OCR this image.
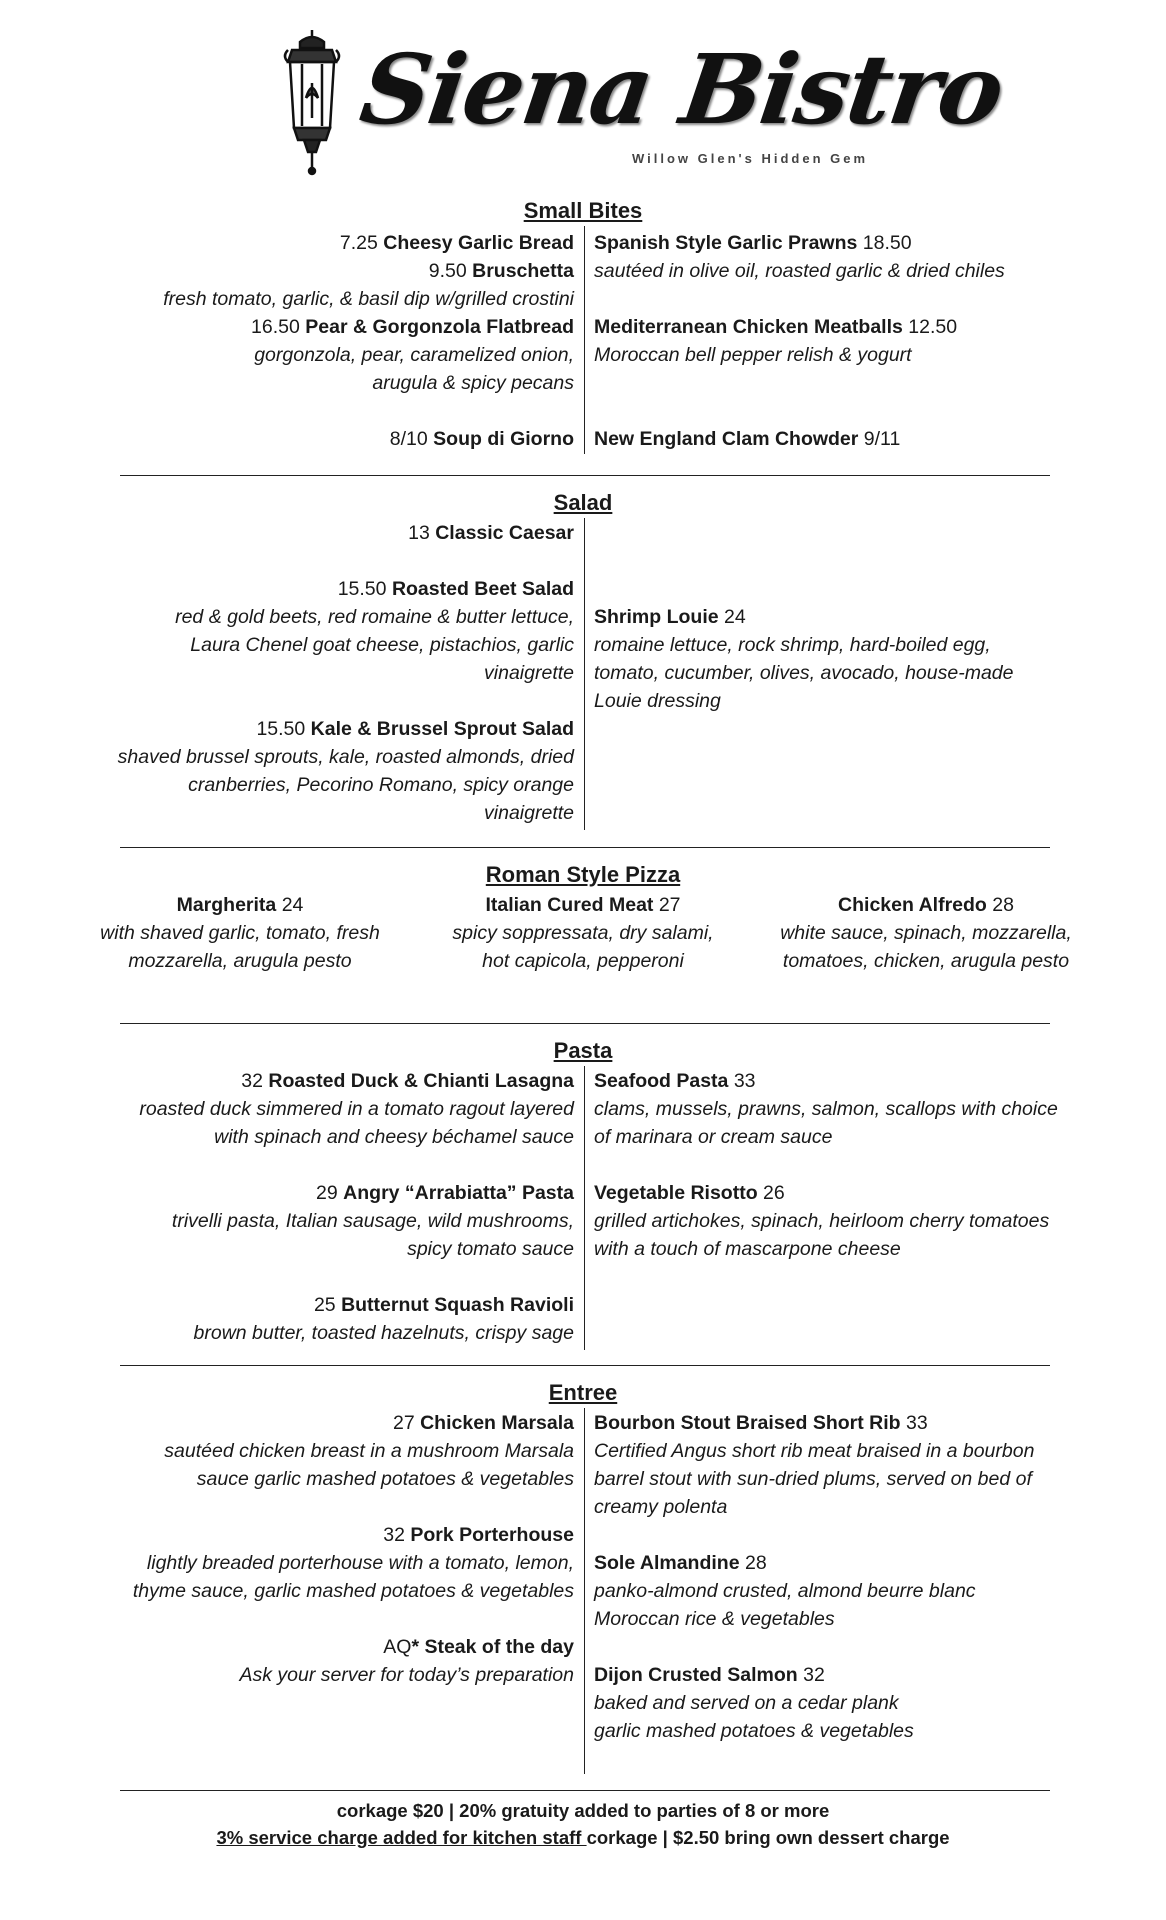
Siena Bistro
Willow Glen's Hidden Gem
Small Bites
7.25 Cheesy Garlic Bread
9.50 Bruschetta
fresh tomato, garlic, & basil dip w/grilled crostini
16.50 Pear & Gorgonzola Flatbread
gorgonzola, pear, caramelized onion,
arugula & spicy pecans
8/10 Soup di Giorno
Spanish Style Garlic Prawns 18.50
sautéed in olive oil, roasted garlic & dried chiles
Mediterranean Chicken Meatballs 12.50
Moroccan bell pepper relish & yogurt
New England Clam Chowder 9/11
Salad
13 Classic Caesar
15.50 Roasted Beet Salad
red & gold beets, red romaine & butter lettuce,
Laura Chenel goat cheese, pistachios, garlic
vinaigrette
15.50 Kale & Brussel Sprout Salad
shaved brussel sprouts, kale, roasted almonds, dried
cranberries, Pecorino Romano, spicy orange
vinaigrette
Shrimp Louie 24
romaine lettuce, rock shrimp, hard-boiled egg,
tomato, cucumber, olives, avocado, house-made
Louie dressing
Roman Style Pizza
Margherita 24
with shaved garlic, tomato, fresh
mozzarella, arugula pesto
Italian Cured Meat 27
spicy soppressata, dry salami,
hot capicola, pepperoni
Chicken Alfredo 28
white sauce, spinach, mozzarella,
tomatoes, chicken, arugula pesto
Pasta
32 Roasted Duck & Chianti Lasagna
roasted duck simmered in a tomato ragout layered
with spinach and cheesy béchamel sauce
29 Angry “Arrabiatta” Pasta
trivelli pasta, Italian sausage, wild mushrooms,
spicy tomato sauce
25 Butternut Squash Ravioli
brown butter, toasted hazelnuts, crispy sage
Seafood Pasta 33
clams, mussels, prawns, salmon, scallops with choice
of marinara or cream sauce
Vegetable Risotto 26
grilled artichokes, spinach, heirloom cherry tomatoes
with a touch of mascarpone cheese
Entree
27 Chicken Marsala
sautéed chicken breast in a mushroom Marsala
sauce garlic mashed potatoes & vegetables
32 Pork Porterhouse
lightly breaded porterhouse with a tomato, lemon,
thyme sauce, garlic mashed potatoes & vegetables
AQ* Steak of the day
Ask your server for today’s preparation
Bourbon Stout Braised Short Rib 33
Certified Angus short rib meat braised in a bourbon
barrel stout with sun-dried plums, served on bed of
creamy polenta
Sole Almandine 28
panko-almond crusted, almond beurre blanc
Moroccan rice & vegetables
Dijon Crusted Salmon 32
baked and served on a cedar plank
garlic mashed potatoes & vegetables
corkage $20 | 20% gratuity added to parties of 8 or more
3% service charge added for kitchen staff corkage | $2.50 bring own dessert charge
